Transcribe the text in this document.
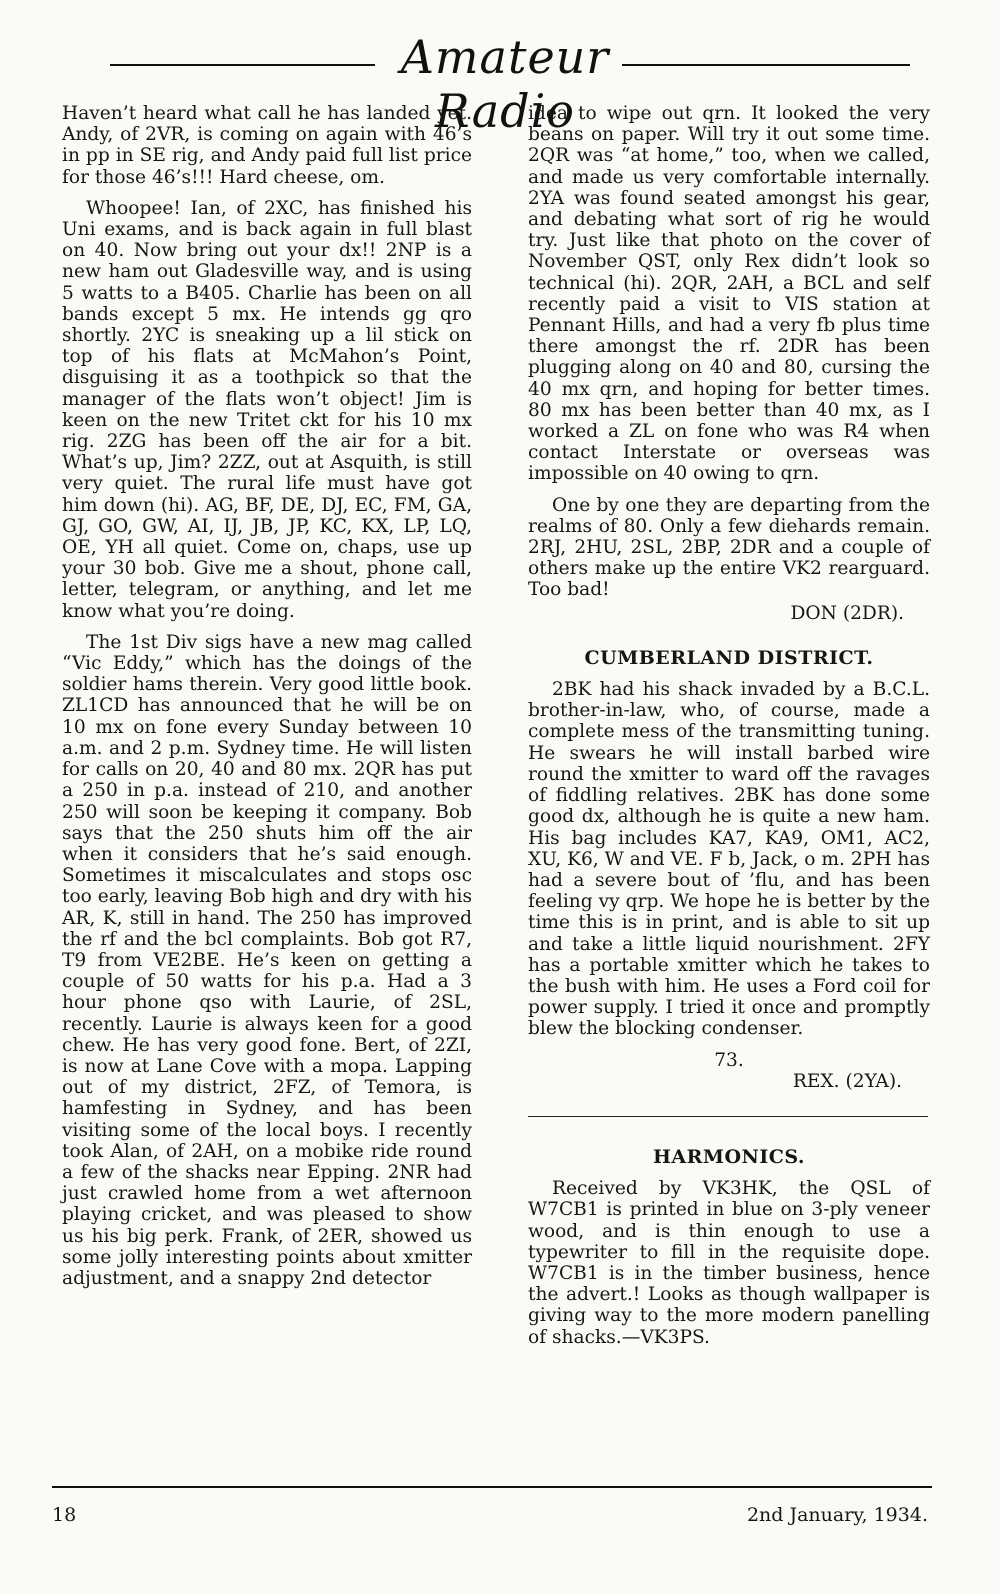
Amateur Radio

Haven’t heard what call he has landed yet. Andy, of 2VR, is coming on again with 46’s in pp in SE rig, and Andy paid full list price for those 46’s!!! Hard cheese, om.

Whoopee! Ian, of 2XC, has finished his Uni exams, and is back again in full blast on 40. Now bring out your dx!! 2NP is a new ham out Gladesville way, and is using 5 watts to a B405. Charlie has been on all bands except 5 mx. He intends gg qro shortly. 2YC is sneaking up a lil stick on top of his flats at McMahon’s Point, disguising it as a toothpick so that the manager of the flats won’t object! Jim is keen on the new Tritet ckt for his 10 mx rig. 2ZG has been off the air for a bit. What’s up, Jim? 2ZZ, out at Asquith, is still very quiet. The rural life must have got him down (hi). AG, BF, DE, DJ, EC, FM, GA, GJ, GO, GW, AI, IJ, JB, JP, KC, KX, LP, LQ, OE, YH all quiet. Come on, chaps, use up your 30 bob. Give me a shout, phone call, letter, telegram, or anything, and let me know what you’re doing.

The 1st Div sigs have a new mag called “Vic Eddy,” which has the doings of the soldier hams therein. Very good little book. ZL1CD has announced that he will be on 10 mx on fone every Sunday between 10 a.m. and 2 p.m. Sydney time. He will listen for calls on 20, 40 and 80 mx. 2QR has put a 250 in p.a. instead of 210, and another 250 will soon be keeping it company. Bob says that the 250 shuts him off the air when it considers that he’s said enough. Sometimes it miscalculates and stops osc too early, leaving Bob high and dry with his AR, K, still in hand. The 250 has improved the rf and the bcl complaints. Bob got R7, T9 from VE2BE. He’s keen on getting a couple of 50 watts for his p.a. Had a 3 hour phone qso with Laurie, of 2SL, recently. Laurie is always keen for a good chew. He has very good fone. Bert, of 2ZI, is now at Lane Cove with a mopa. Lapping out of my district, 2FZ, of Temora, is hamfesting in Sydney, and has been visiting some of the local boys. I recently took Alan, of 2AH, on a mobike ride round a few of the shacks near Epping. 2NR had just crawled home from a wet afternoon playing cricket, and was pleased to show us his big perk. Frank, of 2ER, showed us some jolly interesting points about xmitter adjustment, and a snappy 2nd detector

idea to wipe out qrn. It looked the very beans on paper. Will try it out some time. 2QR was “at home,” too, when we called, and made us very comfortable internally. 2YA was found seated amongst his gear, and debating what sort of rig he would try. Just like that photo on the cover of November QST, only Rex didn’t look so technical (hi). 2QR, 2AH, a BCL and self recently paid a visit to VIS station at Pennant Hills, and had a very fb plus time there amongst the rf. 2DR has been plugging along on 40 and 80, cursing the 40 mx qrn, and hoping for better times. 80 mx has been better than 40 mx, as I worked a ZL on fone who was R4 when contact Interstate or overseas was impossible on 40 owing to qrn.

One by one they are departing from the realms of 80. Only a few diehards remain. 2RJ, 2HU, 2SL, 2BP, 2DR and a couple of others make up the entire VK2 rearguard. Too bad!

DON (2DR).

CUMBERLAND DISTRICT.

2BK had his shack invaded by a B.C.L. brother-in-law, who, of course, made a complete mess of the transmitting tuning. He swears he will install barbed wire round the xmitter to ward off the ravages of fiddling relatives. 2BK has done some good dx, although he is quite a new ham. His bag includes KA7, KA9, OM1, AC2, XU, K6, W and VE. F b, Jack, o m. 2PH has had a severe bout of ’flu, and has been feeling vy qrp. We hope he is better by the time this is in print, and is able to sit up and take a little liquid nourishment. 2FY has a portable xmitter which he takes to the bush with him. He uses a Ford coil for power supply. I tried it once and promptly blew the blocking condenser.

73.

REX. (2YA).

HARMONICS.

Received by VK3HK, the QSL of W7CB1 is printed in blue on 3-ply veneer wood, and is thin enough to use a typewriter to fill in the requisite dope. W7CB1 is in the timber business, hence the advert.! Looks as though wallpaper is giving way to the more modern panelling of shacks.—VK3PS.

18	2nd January, 1934.
